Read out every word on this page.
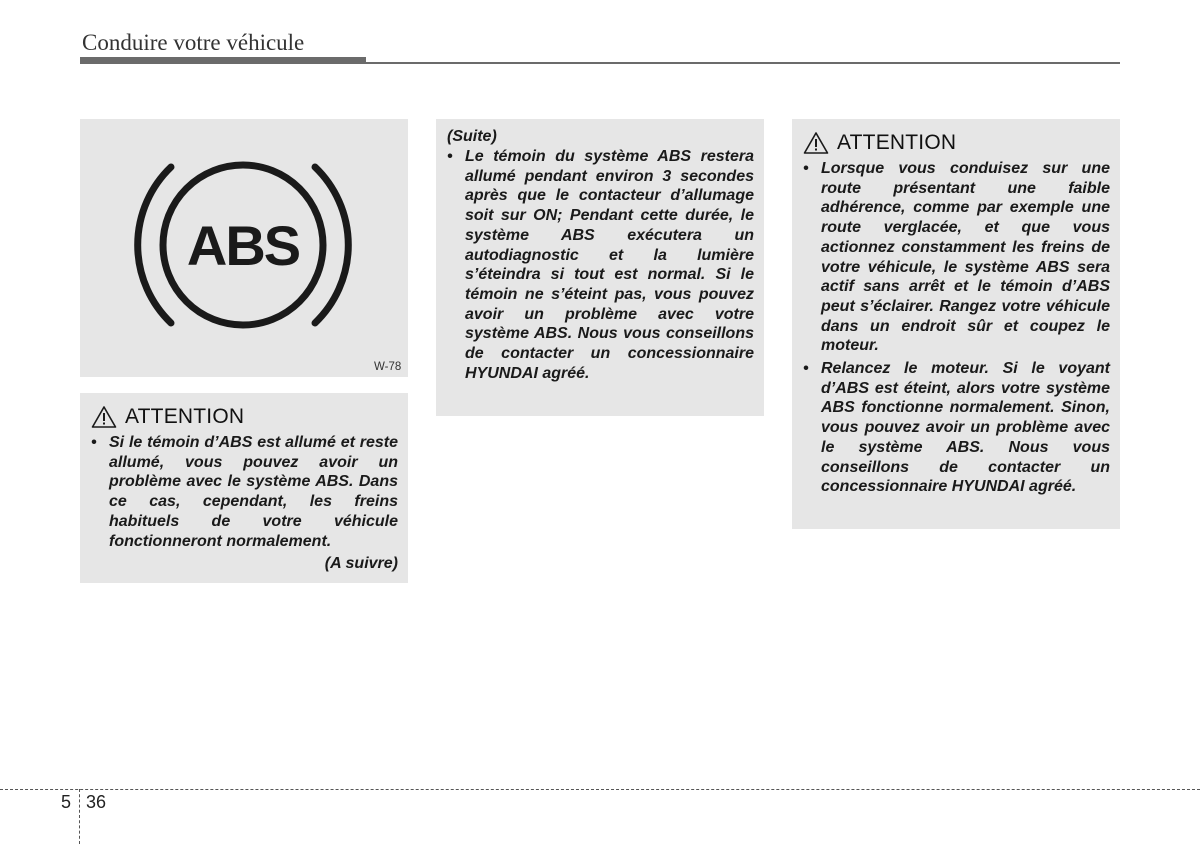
Conduire votre véhicule
ABS
W-78
ATTENTION
• Si le témoin d’ABS est allumé et reste allumé, vous pouvez avoir un problème avec le système ABS. Dans ce cas, cependant, les freins habituels de votre véhicule fonctionneront normalement.
(A suivre)
(Suite)
• Le témoin du système ABS restera allumé pendant environ 3 secondes après que le contacteur d’allumage soit sur ON; Pendant cette durée, le système ABS exécutera un autodiagnostic et la lumière s’éteindra si tout est normal. Si le témoin ne s’éteint pas, vous pouvez avoir un problème avec votre système ABS. Nous vous conseillons de contacter un concessionnaire HYUNDAI agréé.
ATTENTION
• Lorsque vous conduisez sur une route présentant une faible adhérence, comme par exemple une route verglacée, et que vous actionnez constamment les freins de votre véhicule, le système ABS sera actif sans arrêt et le témoin d’ABS peut s’éclairer. Rangez votre véhicule dans un endroit sûr et coupez le moteur.
• Relancez le moteur. Si le voyant d’ABS est éteint, alors votre système ABS fonctionne normalement. Sinon, vous pouvez avoir un problème avec le système ABS. Nous vous conseillons de contacter un concessionnaire HYUNDAI agréé.
5 36
